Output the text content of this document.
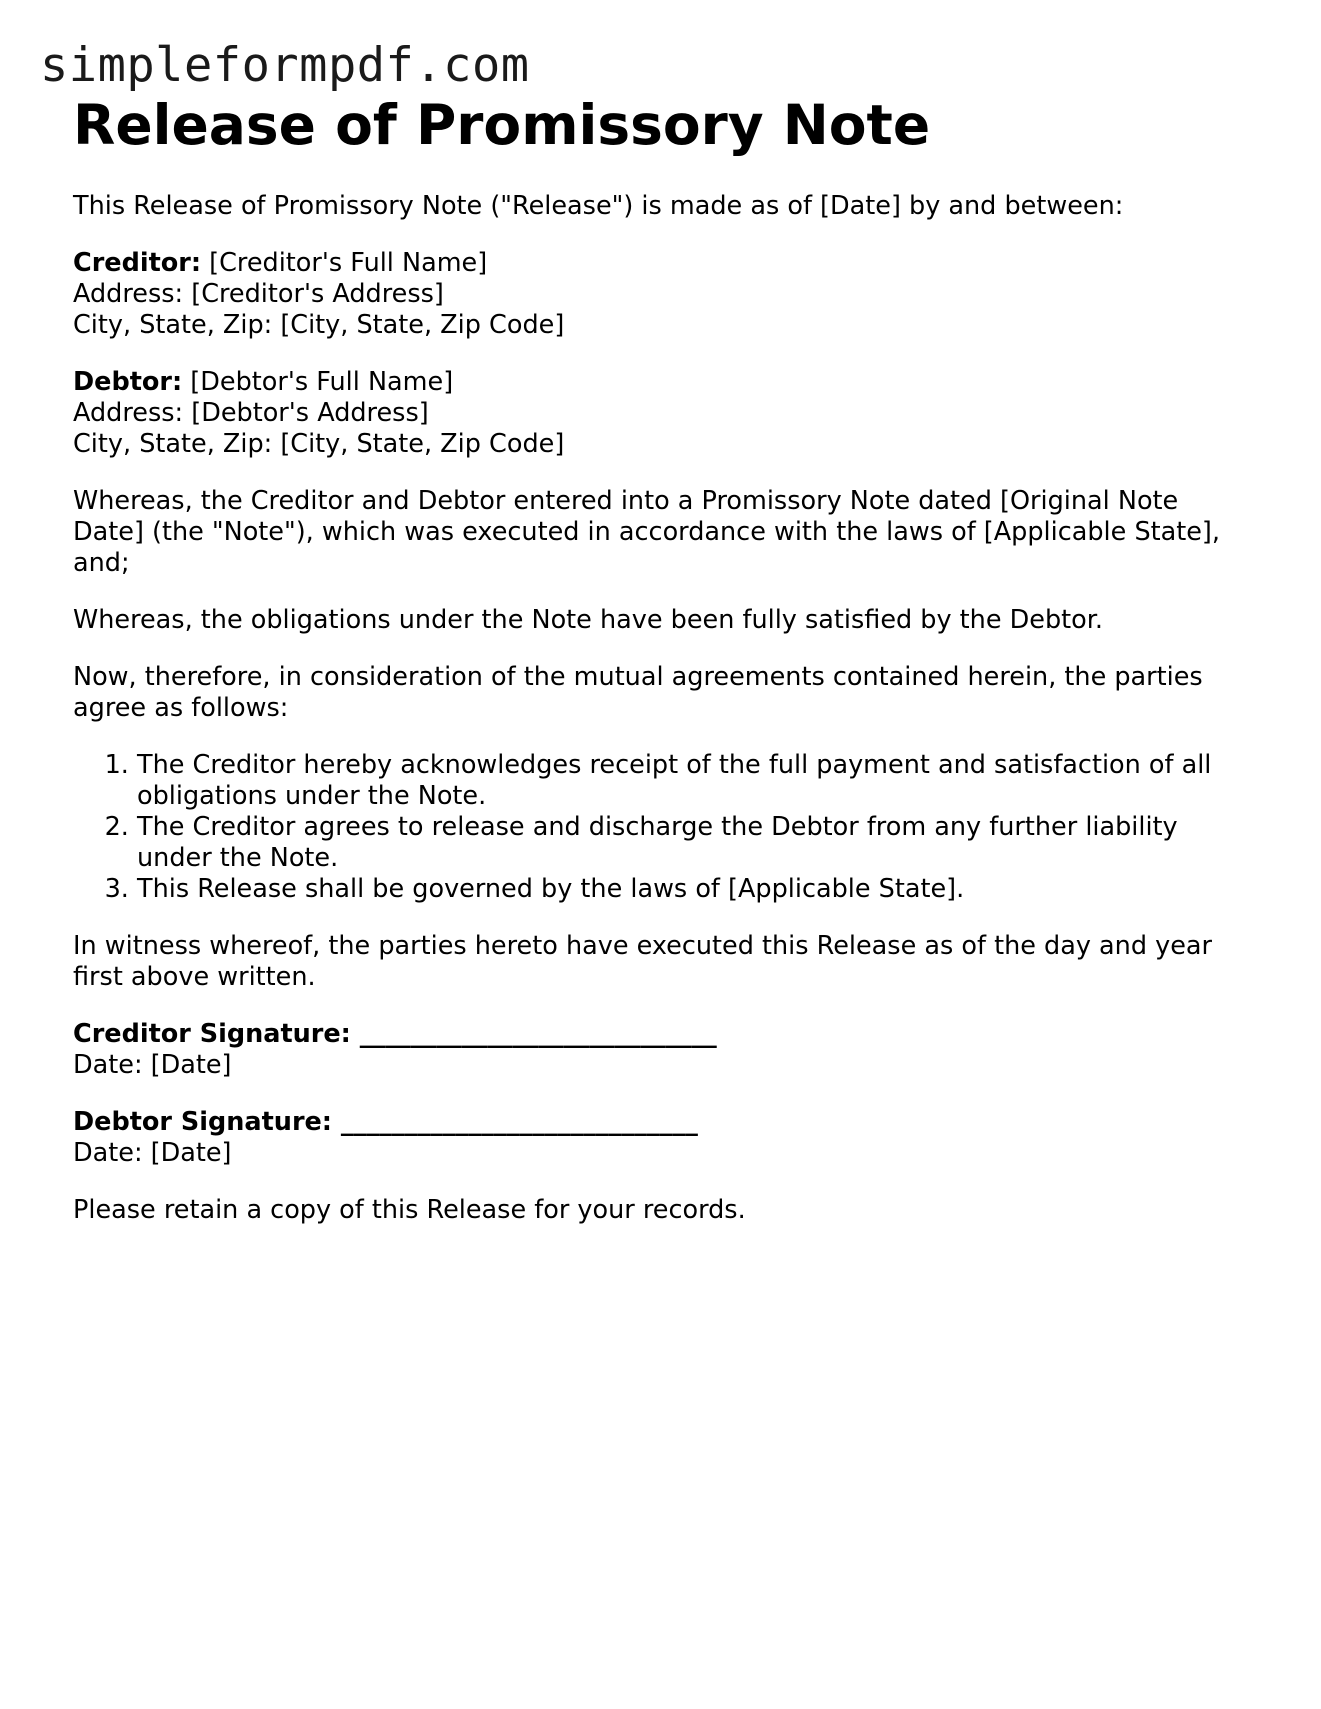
simpleformpdf.com
Release of Promissory Note

This Release of Promissory Note ("Release") is made as of [Date] by and between:

Creditor: [Creditor's Full Name]
Address: [Creditor's Address]
City, State, Zip: [City, State, Zip Code]

Debtor: [Debtor's Full Name]
Address: [Debtor's Address]
City, State, Zip: [City, State, Zip Code]

Whereas, the Creditor and Debtor entered into a Promissory Note dated [Original Note Date] (the "Note"), which was executed in accordance with the laws of [Applicable State], and;

Whereas, the obligations under the Note have been fully satisfied by the Debtor.

Now, therefore, in consideration of the mutual agreements contained herein, the parties agree as follows:

1. The Creditor hereby acknowledges receipt of the full payment and satisfaction of all obligations under the Note.
2. The Creditor agrees to release and discharge the Debtor from any further liability under the Note.
3. This Release shall be governed by the laws of [Applicable State].

In witness whereof, the parties hereto have executed this Release as of the day and year first above written.

Creditor Signature: ____________________________
Date: [Date]

Debtor Signature: ____________________________
Date: [Date]

Please retain a copy of this Release for your records.
